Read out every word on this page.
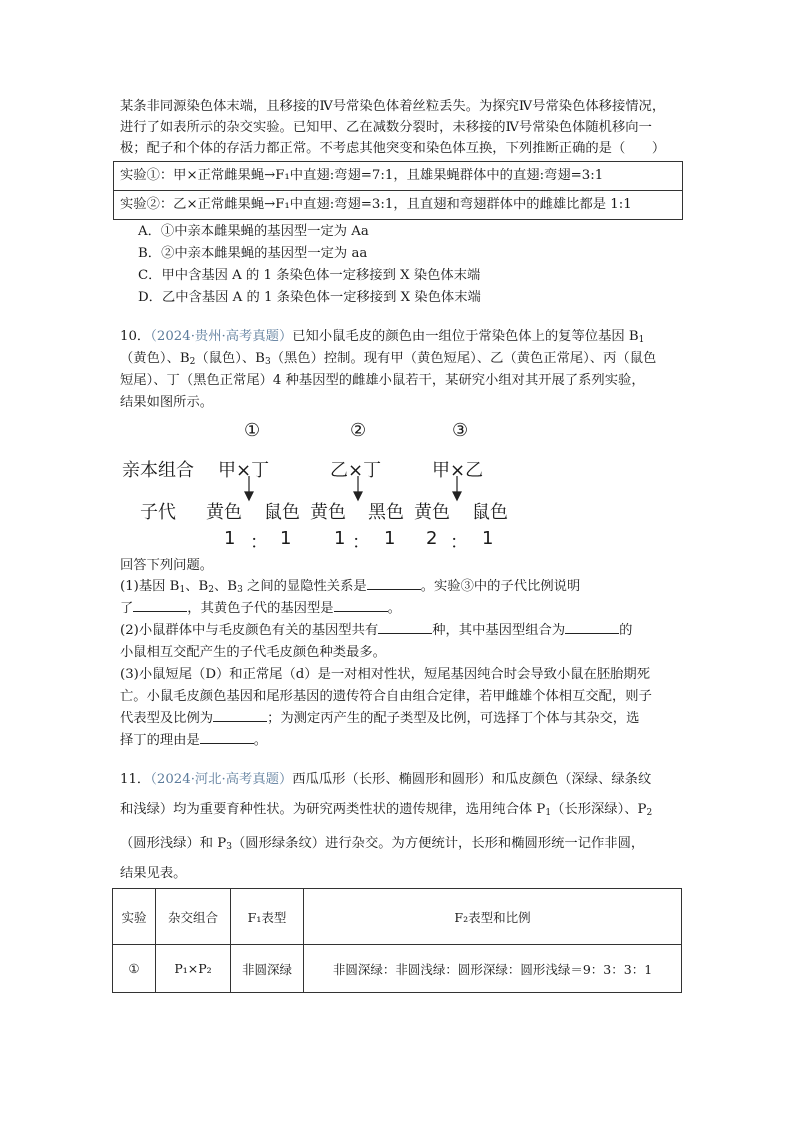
某条非同源染色体末端，且移接的Ⅳ号常染色体着丝粒丢失。为探究Ⅳ号常染色体移接情况，
进行了如表所示的杂交实验。已知甲、乙在减数分裂时，未移接的Ⅳ号常染色体随机移向一
极；配子和个体的存活力都正常。不考虑其他突变和染色体互换，下列推断正确的是（　　）
实验①：甲×正常雌果蝇→F₁中直翅:弯翅=7:1，且雄果蝇群体中的直翅:弯翅=3:1
实验②：乙×正常雌果蝇→F₁中直翅:弯翅=3:1，且直翅和弯翅群体中的雌雄比都是 1:1
A．①中亲本雌果蝇的基因型一定为 Aa
B．②中亲本雌果蝇的基因型一定为 aa
C．甲中含基因 A 的 1 条染色体一定移接到 X 染色体末端
D．乙中含基因 A 的 1 条染色体一定移接到 X 染色体末端
10．（2024·贵州·高考真题）已知小鼠毛皮的颜色由一组位于常染色体上的复等位基因 $B_1$
（黄色）、$B_2$（鼠色）、$B_3$（黑色）控制。现有甲（黄色短尾）、乙（黄色正常尾）、丙（鼠色
短尾）、丁（黑色正常尾）4 种基因型的雌雄小鼠若干，某研究小组对其开展了系列实验，
结果如图所示。
①	②	③
亲本组合 甲×丁	乙×丁	甲×乙
子代 黄色 鼠色 黄色 黑色 黄色 鼠色
1 ： 1 1 ： 1 2 ： 1
回答下列问题。
(1)基因 $B_1$、$B_2$、$B_3$ 之间的显隐性关系是	。实验③中的子代比例说明
了	，其黄色子代的基因型是	。
(2)小鼠群体中与毛皮颜色有关的基因型共有	种，其中基因型组合为	的
小鼠相互交配产生的子代毛皮颜色种类最多。
(3)小鼠短尾（D）和正常尾（d）是一对相对性状，短尾基因纯合时会导致小鼠在胚胎期死
亡。小鼠毛皮颜色基因和尾形基因的遗传符合自由组合定律，若甲雌雄个体相互交配，则子
代表型及比例为	；为测定丙产生的配子类型及比例，可选择丁个体与其杂交，选
择丁的理由是	。
11．（2024·河北·高考真题）西瓜瓜形（长形、椭圆形和圆形）和瓜皮颜色（深绿、绿条纹
和浅绿）均为重要育种性状。为研究两类性状的遗传规律，选用纯合体 $P_1$（长形深绿）、$P_2$
（圆形浅绿）和 $P_3$（圆形绿条纹）进行杂交。为方便统计，长形和椭圆形统一记作非圆，
结果见表。
实验	杂交组合	F₁表型	F₂表型和比例
①	P₁×P₂	非圆深绿	非圆深绿：非圆浅绿：圆形深绿：圆形浅绿＝9：3：3：1
